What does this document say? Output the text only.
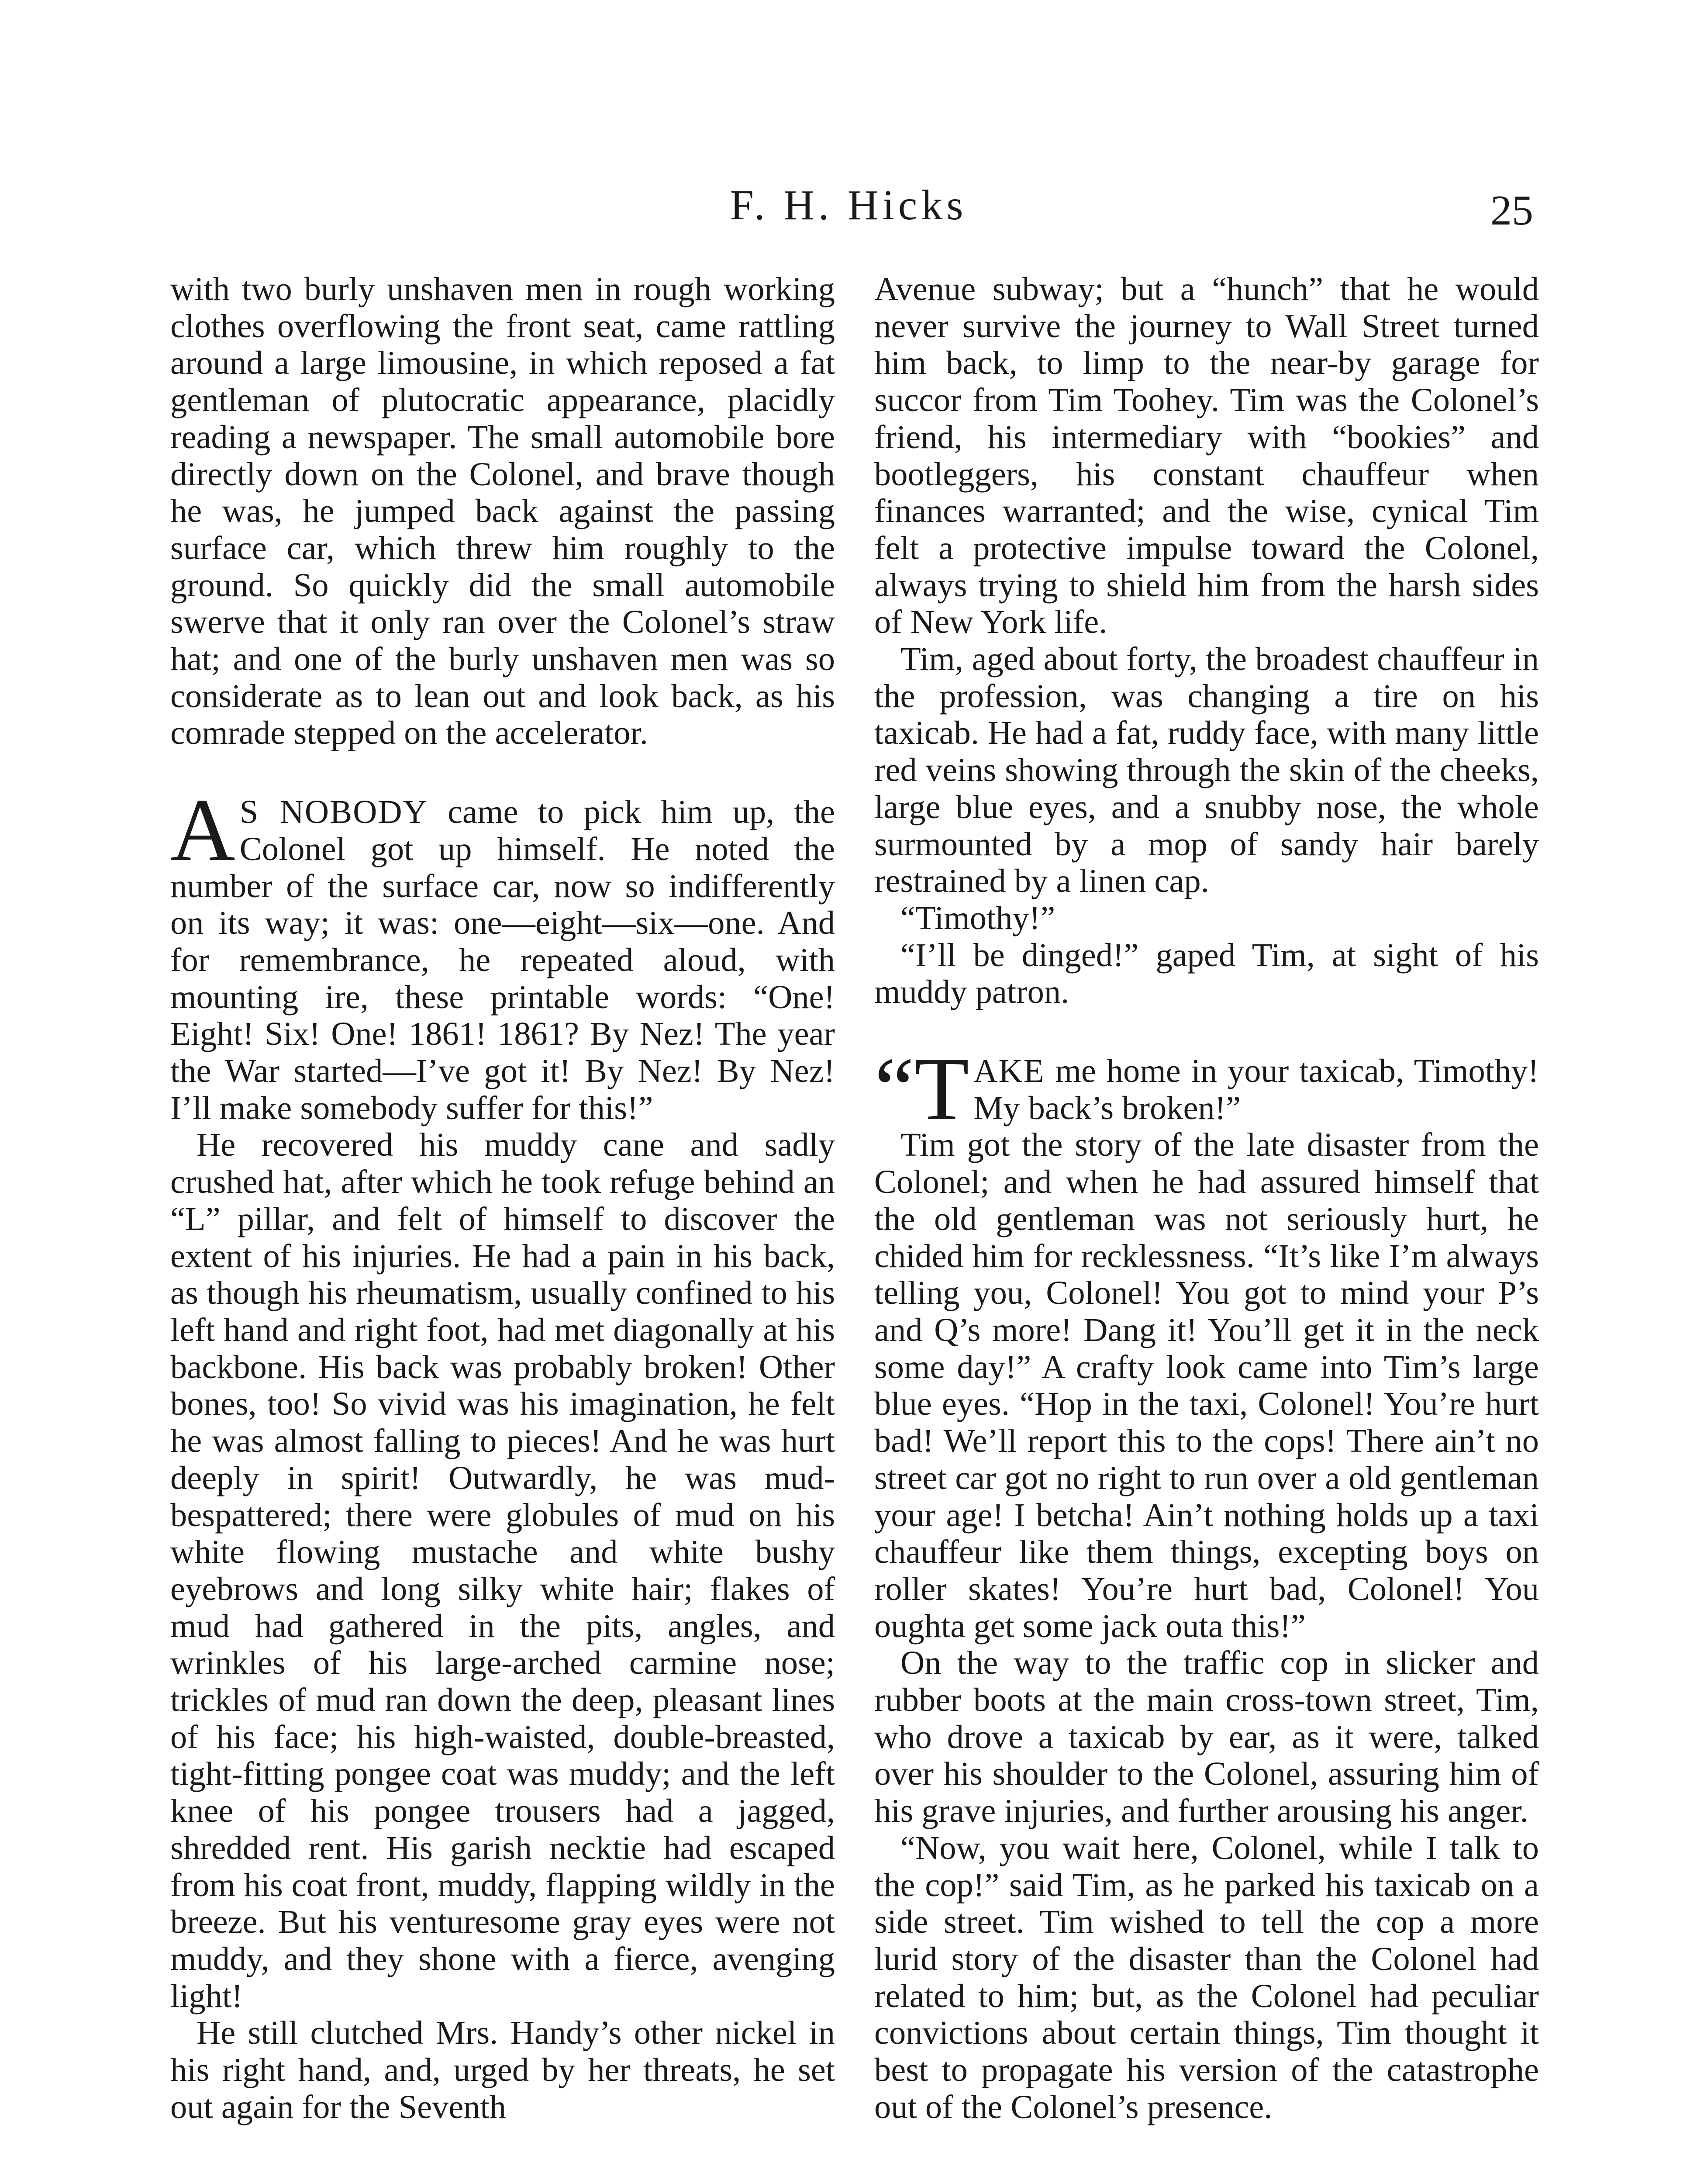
F. H. Hicks	25

with two burly unshaven men in rough working clothes overflowing the front seat, came rattling around a large limousine, in which reposed a fat gentleman of plutocratic appearance, placidly reading a newspaper. The small automobile bore directly down on the Colonel, and brave though he was, he jumped back against the passing surface car, which threw him roughly to the ground. So quickly did the small automobile swerve that it only ran over the Colonel’s straw hat; and one of the burly unshaven men was so considerate as to lean out and look back, as his comrade stepped on the accelerator.

A S NOBODY came to pick him up, the Colonel got up himself. He noted the number of the surface car, now so indifferently on its way; it was: one—eight—six—one. And for remembrance, he repeated aloud, with mounting ire, these printable words: “One! Eight! Six! One! 1861! 1861? By Nez! The year the War started—I’ve got it! By Nez! By Nez! I’ll make somebody suffer for this!”

He recovered his muddy cane and sadly crushed hat, after which he took refuge behind an “L” pillar, and felt of himself to discover the extent of his injuries. He had a pain in his back, as though his rheumatism, usually confined to his left hand and right foot, had met diagonally at his backbone. His back was probably broken! Other bones, too! So vivid was his imagination, he felt he was almost falling to pieces! And he was hurt deeply in spirit! Outwardly, he was mud-bespattered; there were globules of mud on his white flowing mustache and white bushy eyebrows and long silky white hair; flakes of mud had gathered in the pits, angles, and wrinkles of his large-arched carmine nose; trickles of mud ran down the deep, pleasant lines of his face; his high-waisted, double-breasted, tight-fitting pongee coat was muddy; and the left knee of his pongee trousers had a jagged, shredded rent. His garish necktie had escaped from his coat front, muddy, flapping wildly in the breeze. But his venturesome gray eyes were not muddy, and they shone with a fierce, avenging light!

He still clutched Mrs. Handy’s other nickel in his right hand, and, urged by her threats, he set out again for the Seventh

Avenue subway; but a “hunch” that he would never survive the journey to Wall Street turned him back, to limp to the near-by garage for succor from Tim Toohey. Tim was the Colonel’s friend, his intermediary with “bookies” and bootleggers, his constant chauffeur when finances warranted; and the wise, cynical Tim felt a protective impulse toward the Colonel, always trying to shield him from the harsh sides of New York life.

Tim, aged about forty, the broadest chauffeur in the profession, was changing a tire on his taxicab. He had a fat, ruddy face, with many little red veins showing through the skin of the cheeks, large blue eyes, and a snubby nose, the whole surmounted by a mop of sandy hair barely restrained by a linen cap.

“Timothy!”

“I’ll be dinged!” gaped Tim, at sight of his muddy patron.

“TAKE me home in your taxicab, Timothy! My back’s broken!”

Tim got the story of the late disaster from the Colonel; and when he had assured himself that the old gentleman was not seriously hurt, he chided him for recklessness. “It’s like I’m always telling you, Colonel! You got to mind your P’s and Q’s more! Dang it! You’ll get it in the neck some day!” A crafty look came into Tim’s large blue eyes. “Hop in the taxi, Colonel! You’re hurt bad! We’ll report this to the cops! There ain’t no street car got no right to run over a old gentleman your age! I betcha! Ain’t nothing holds up a taxi chauffeur like them things, excepting boys on roller skates! You’re hurt bad, Colonel! You oughta get some jack outa this!”

On the way to the traffic cop in slicker and rubber boots at the main cross-town street, Tim, who drove a taxicab by ear, as it were, talked over his shoulder to the Colonel, assuring him of his grave injuries, and further arousing his anger.

“Now, you wait here, Colonel, while I talk to the cop!” said Tim, as he parked his taxicab on a side street. Tim wished to tell the cop a more lurid story of the disaster than the Colonel had related to him; but, as the Colonel had peculiar convictions about certain things, Tim thought it best to propagate his version of the catastrophe out of the Colonel’s presence.
